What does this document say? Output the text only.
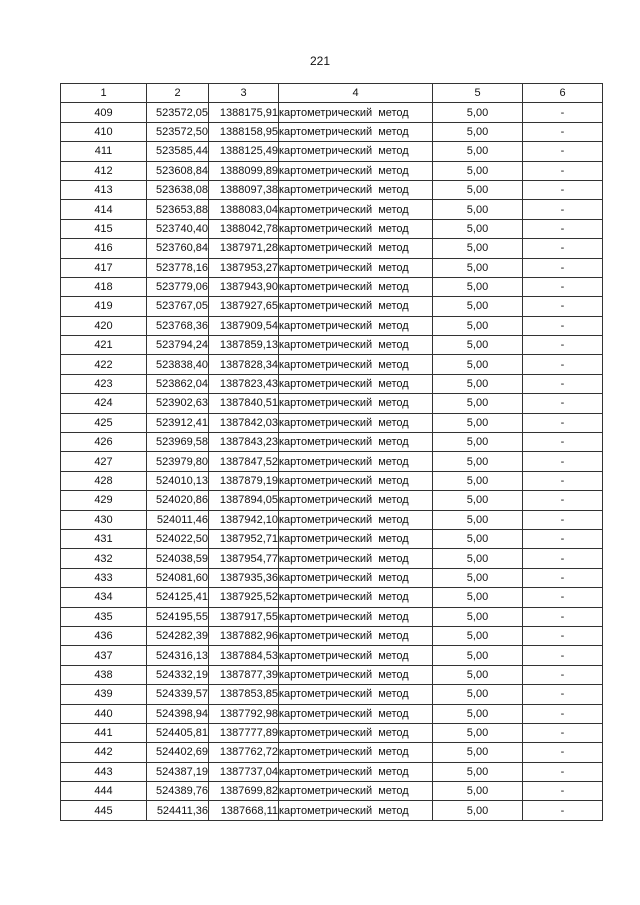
221
1	2	3	4	5	6
409	523572,05	1388175,91	картометрический метод	5,00	-
410	523572,50	1388158,95	картометрический метод	5,00	-
411	523585,44	1388125,49	картометрический метод	5,00	-
412	523608,84	1388099,89	картометрический метод	5,00	-
413	523638,08	1388097,38	картометрический метод	5,00	-
414	523653,88	1388083,04	картометрический метод	5,00	-
415	523740,40	1388042,78	картометрический метод	5,00	-
416	523760,84	1387971,28	картометрический метод	5,00	-
417	523778,16	1387953,27	картометрический метод	5,00	-
418	523779,06	1387943,90	картометрический метод	5,00	-
419	523767,05	1387927,65	картометрический метод	5,00	-
420	523768,36	1387909,54	картометрический метод	5,00	-
421	523794,24	1387859,13	картометрический метод	5,00	-
422	523838,40	1387828,34	картометрический метод	5,00	-
423	523862,04	1387823,43	картометрический метод	5,00	-
424	523902,63	1387840,51	картометрический метод	5,00	-
425	523912,41	1387842,03	картометрический метод	5,00	-
426	523969,58	1387843,23	картометрический метод	5,00	-
427	523979,80	1387847,52	картометрический метод	5,00	-
428	524010,13	1387879,19	картометрический метод	5,00	-
429	524020,86	1387894,05	картометрический метод	5,00	-
430	524011,46	1387942,10	картометрический метод	5,00	-
431	524022,50	1387952,71	картометрический метод	5,00	-
432	524038,59	1387954,77	картометрический метод	5,00	-
433	524081,60	1387935,36	картометрический метод	5,00	-
434	524125,41	1387925,52	картометрический метод	5,00	-
435	524195,55	1387917,55	картометрический метод	5,00	-
436	524282,39	1387882,96	картометрический метод	5,00	-
437	524316,13	1387884,53	картометрический метод	5,00	-
438	524332,19	1387877,39	картометрический метод	5,00	-
439	524339,57	1387853,85	картометрический метод	5,00	-
440	524398,94	1387792,98	картометрический метод	5,00	-
441	524405,81	1387777,89	картометрический метод	5,00	-
442	524402,69	1387762,72	картометрический метод	5,00	-
443	524387,19	1387737,04	картометрический метод	5,00	-
444	524389,76	1387699,82	картометрический метод	5,00	-
445	524411,36	1387668,11	картометрический метод	5,00	-
